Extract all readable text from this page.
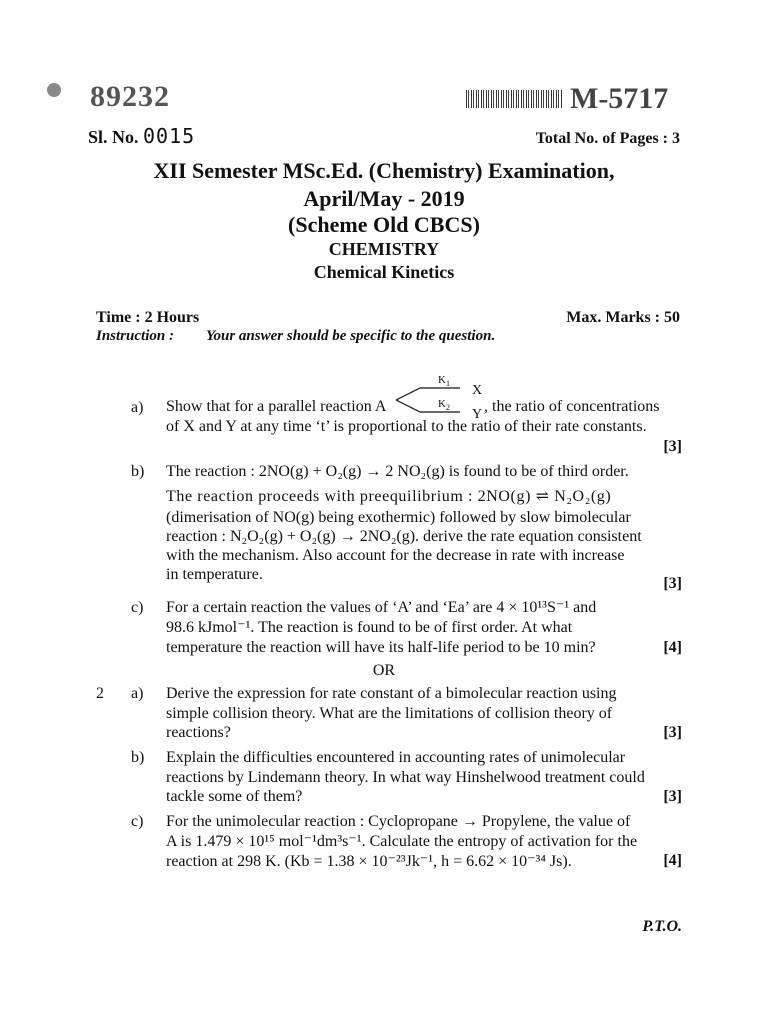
89232	M-5717
Sl. No. 0015	Total No. of Pages : 3
XII Semester MSc.Ed. (Chemistry) Examination,
April/May - 2019
(Scheme Old CBCS)
CHEMISTRY
Chemical Kinetics
Time : 2 Hours	Max. Marks : 50
Instruction : Your answer should be specific to the question.
a) Show that for a parallel reaction A
$K_1$
$K_2$
X
Y , the ratio of concentrations
of X and Y at any time ‘t’ is proportional to the ratio of their rate constants.
[3]
b) The reaction : 2NO(g) + O₂(g) → 2 NO₂(g) is found to be of third order.
The reaction proceeds with preequilibrium : 2NO(g) ⇌ N₂O₂(g)
(dimerisation of NO(g) being exothermic) followed by slow bimolecular
reaction : N₂O₂(g) + O₂(g) → 2NO₂(g). derive the rate equation consistent
with the mechanism. Also account for the decrease in rate with increase
in temperature.
[3]
c) For a certain reaction the values of ‘A’ and ‘Ea’ are 4 × 10¹³S⁻¹ and
98.6 kJmol⁻¹. The reaction is found to be of first order. At what
temperature the reaction will have its half-life period to be 10 min?	[4]
OR
2 a) Derive the expression for rate constant of a bimolecular reaction using
simple collision theory. What are the limitations of collision theory of
reactions?	[3]
b) Explain the difficulties encountered in accounting rates of unimolecular
reactions by Lindemann theory. In what way Hinshelwood treatment could
tackle some of them?	[3]
c) For the unimolecular reaction : Cyclopropane → Propylene, the value of
A is 1.479 × 10¹⁵ mol⁻¹dm³s⁻¹. Calculate the entropy of activation for the
reaction at 298 K. (Kb = 1.38 × 10⁻²³Jk⁻¹, h = 6.62 × 10⁻³⁴ Js).	[4]
P.T.O.
